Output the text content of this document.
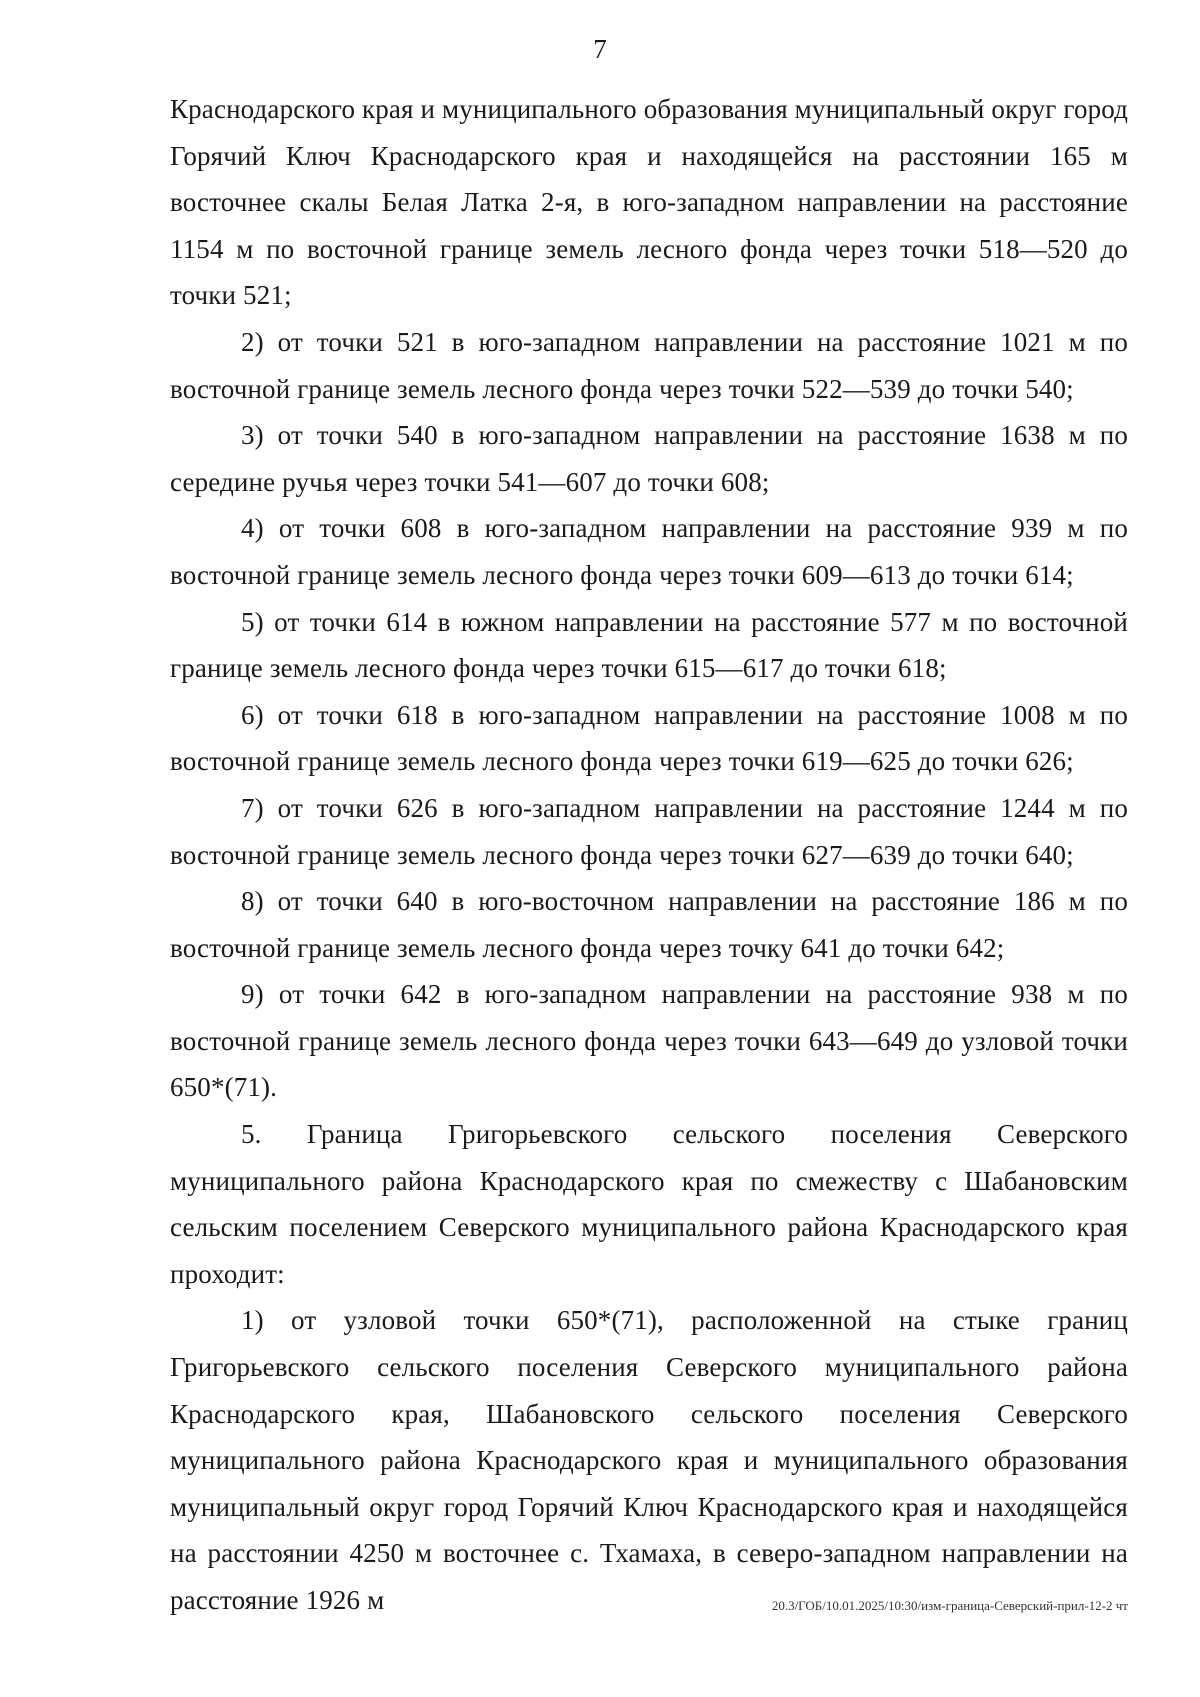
7

Краснодарского края и муниципального образования муниципальный округ город Горячий Ключ Краснодарского края и находящейся на расстоянии 165 м восточнее скалы Белая Латка 2-я, в юго-западном направлении на расстояние 1154 м по восточной границе земель лесного фонда через точки 518—520 до точки 521;

2) от точки 521 в юго-западном направлении на расстояние 1021 м по восточной границе земель лесного фонда через точки 522—539 до точки 540;

3) от точки 540 в юго-западном направлении на расстояние 1638 м по середине ручья через точки 541—607 до точки 608;

4) от точки 608 в юго-западном направлении на расстояние 939 м по восточной границе земель лесного фонда через точки 609—613 до точки 614;

5) от точки 614 в южном направлении на расстояние 577 м по восточной границе земель лесного фонда через точки 615—617 до точки 618;

6) от точки 618 в юго-западном направлении на расстояние 1008 м по восточной границе земель лесного фонда через точки 619—625 до точки 626;

7) от точки 626 в юго-западном направлении на расстояние 1244 м по восточной границе земель лесного фонда через точки 627—639 до точки 640;

8) от точки 640 в юго-восточном направлении на расстояние 186 м по восточной границе земель лесного фонда через точку 641 до точки 642;

9) от точки 642 в юго-западном направлении на расстояние 938 м по восточной границе земель лесного фонда через точки 643—649 до узловой точки 650*(71).

5. Граница Григорьевского сельского поселения Северского муниципального района Краснодарского края по смежеству с Шабановским сельским поселением Северского муниципального района Краснодарского края проходит:

1) от узловой точки 650*(71), расположенной на стыке границ Григорьевского сельского поселения Северского муниципального района Краснодарского края, Шабановского сельского поселения Северского муниципального района Краснодарского края и муниципального образования муниципальный округ город Горячий Ключ Краснодарского края и находящейся на расстоянии 4250 м восточнее с. Тхамаха, в северо-западном направлении на расстояние 1926 м	20.3/ГОБ/10.01.2025/10:30/изм-граница-Северский-прил-12-2 чт
